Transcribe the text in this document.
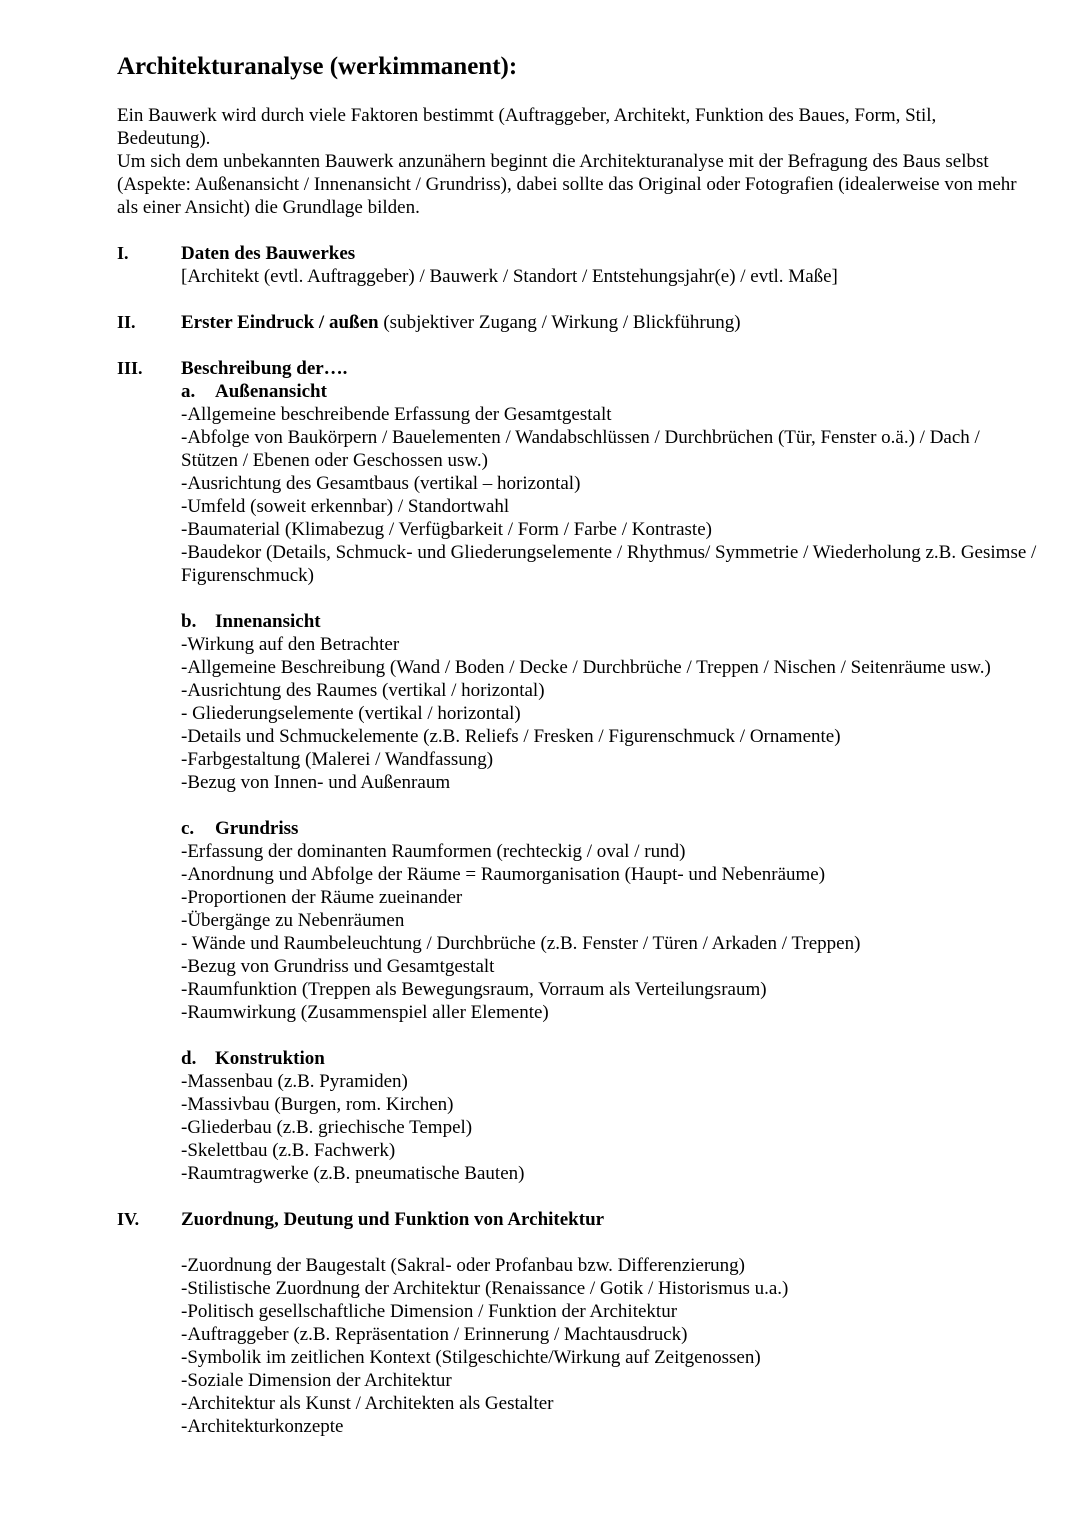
Architekturanalyse (werkimmanent):

Ein Bauwerk wird durch viele Faktoren bestimmt (Auftraggeber, Architekt, Funktion des Baues, Form, Stil, Bedeutung).

Um sich dem unbekannten Bauwerk anzunähern beginnt die Architekturanalyse mit der Befragung des Baus selbst (Aspekte: Außenansicht / Innenansicht / Grundriss), dabei sollte das Original oder Fotografien (idealerweise von mehr als einer Ansicht) die Grundlage bilden.

I.	Daten des Bauwerkes
[Architekt (evtl. Auftraggeber) / Bauwerk / Standort / Entstehungsjahr(e) / evtl. Maße]
II.	Erster Eindruck / außen (subjektiver Zugang / Wirkung / Blickführung)
III.	Beschreibung der….
a. Außenansicht
-Allgemeine beschreibende Erfassung der Gesamtgestalt
-Abfolge von Baukörpern / Bauelementen / Wandabschlüssen / Durchbrüchen (Tür, Fenster o.ä.) / Dach / Stützen / Ebenen oder Geschossen usw.)
-Ausrichtung des Gesamtbaus (vertikal – horizontal)
-Umfeld (soweit erkennbar) / Standortwahl
-Baumaterial (Klimabezug / Verfügbarkeit / Form / Farbe / Kontraste)
-Baudekor (Details, Schmuck- und Gliederungselemente / Rhythmus/ Symmetrie / Wiederholung z.B. Gesimse / Figurenschmuck)
b. Innenansicht
-Wirkung auf den Betrachter
-Allgemeine Beschreibung (Wand / Boden / Decke / Durchbrüche / Treppen / Nischen / Seitenräume usw.)
-Ausrichtung des Raumes (vertikal / horizontal)
- Gliederungselemente (vertikal / horizontal)
-Details und Schmuckelemente (z.B. Reliefs / Fresken / Figurenschmuck / Ornamente)
-Farbgestaltung (Malerei / Wandfassung)
-Bezug von Innen- und Außenraum
c. Grundriss
-Erfassung der dominanten Raumformen (rechteckig / oval / rund)
-Anordnung und Abfolge der Räume = Raumorganisation (Haupt- und Nebenräume)
-Proportionen der Räume zueinander
-Übergänge zu Nebenräumen
- Wände und Raumbeleuchtung / Durchbrüche (z.B. Fenster / Türen / Arkaden / Treppen)
-Bezug von Grundriss und Gesamtgestalt
-Raumfunktion (Treppen als Bewegungsraum, Vorraum als Verteilungsraum)
-Raumwirkung (Zusammenspiel aller Elemente)
d. Konstruktion
-Massenbau (z.B. Pyramiden)
-Massivbau (Burgen, rom. Kirchen)
-Gliederbau (z.B. griechische Tempel)
-Skelettbau (z.B. Fachwerk)
-Raumtragwerke (z.B. pneumatische Bauten)
IV.	Zuordnung, Deutung und Funktion von Architektur
-Zuordnung der Baugestalt (Sakral- oder Profanbau bzw. Differenzierung)
-Stilistische Zuordnung der Architektur (Renaissance / Gotik / Historismus u.a.)
-Politisch gesellschaftliche Dimension / Funktion der Architektur
-Auftraggeber (z.B. Repräsentation / Erinnerung / Machtausdruck)
-Symbolik im zeitlichen Kontext (Stilgeschichte/Wirkung auf Zeitgenossen)
-Soziale Dimension der Architektur
-Architektur als Kunst / Architekten als Gestalter
-Architekturkonzepte
